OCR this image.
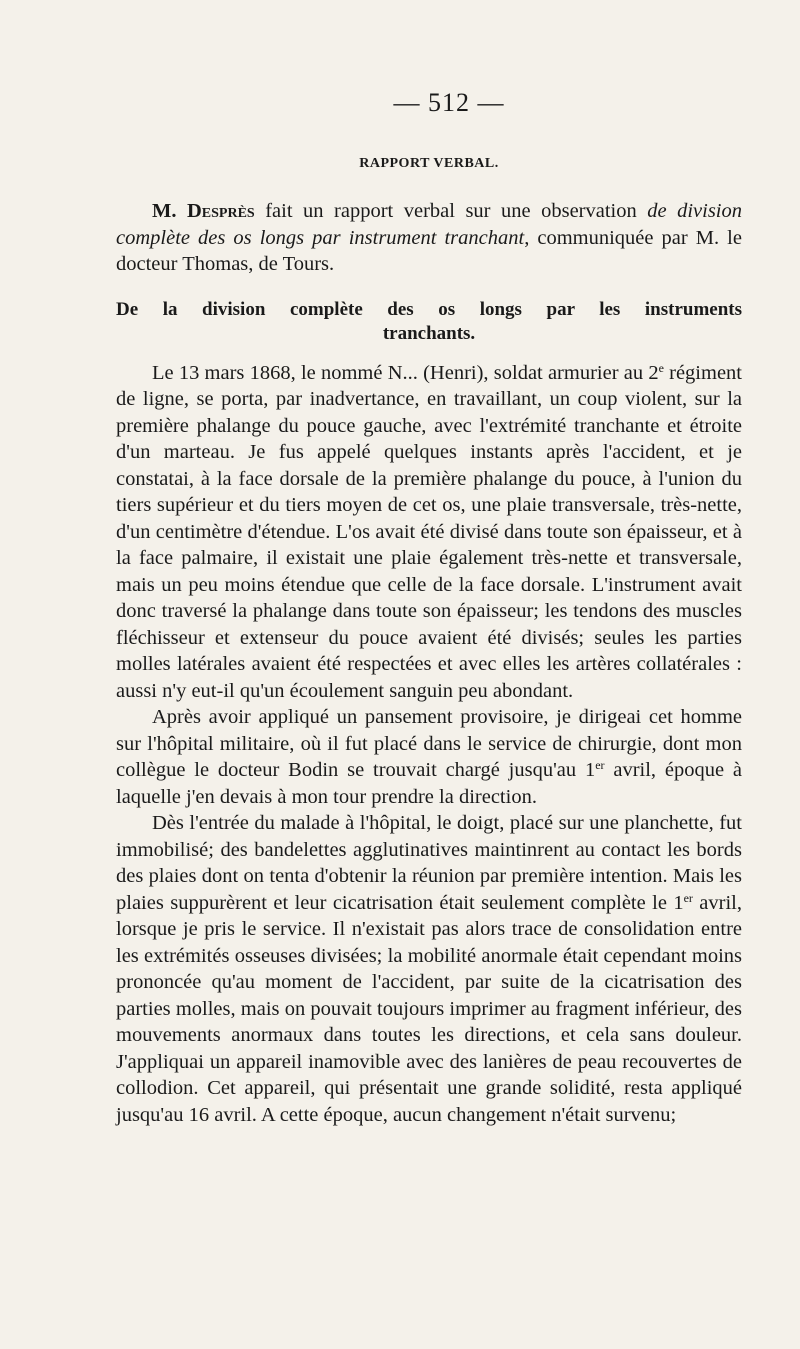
— 512 —
RAPPORT VERBAL.

M. Desprès fait un rapport verbal sur une observation de division complète des os longs par instrument tranchant, communiquée par M. le docteur Thomas, de Tours.

De la division complète des os longs par les instruments
tranchants.

Le 13 mars 1868, le nommé N... (Henri), soldat armurier au 2e régiment de ligne, se porta, par inadvertance, en travaillant, un coup violent, sur la première phalange du pouce gauche, avec l'extrémité tranchante et étroite d'un marteau. Je fus appelé quelques instants après l'accident, et je constatai, à la face dorsale de la première phalange du pouce, à l'union du tiers supérieur et du tiers moyen de cet os, une plaie transversale, très-nette, d'un centimètre d'étendue. L'os avait été divisé dans toute son épaisseur, et à la face palmaire, il existait une plaie également très-nette et transversale, mais un peu moins étendue que celle de la face dorsale. L'instrument avait donc traversé la phalange dans toute son épaisseur; les tendons des muscles fléchisseur et extenseur du pouce avaient été divisés; seules les parties molles latérales avaient été respectées et avec elles les artères collatérales : aussi n'y eut-il qu'un écoulement sanguin peu abondant.

Après avoir appliqué un pansement provisoire, je dirigeai cet homme sur l'hôpital militaire, où il fut placé dans le service de chirurgie, dont mon collègue le docteur Bodin se trouvait chargé jusqu'au 1er avril, époque à laquelle j'en devais à mon tour prendre la direction.

Dès l'entrée du malade à l'hôpital, le doigt, placé sur une planchette, fut immobilisé; des bandelettes agglutinatives maintinrent au contact les bords des plaies dont on tenta d'obtenir la réunion par première intention. Mais les plaies suppurèrent et leur cicatrisation était seulement complète le 1er avril, lorsque je pris le service. Il n'existait pas alors trace de consolidation entre les extrémités osseuses divisées; la mobilité anormale était cependant moins prononcée qu'au moment de l'accident, par suite de la cicatrisation des parties molles, mais on pouvait toujours imprimer au fragment inférieur, des mouvements anormaux dans toutes les directions, et cela sans douleur. J'appliquai un appareil inamovible avec des lanières de peau recouvertes de collodion. Cet appareil, qui présentait une grande solidité, resta appliqué jusqu'au 16 avril. A cette époque, aucun changement n'était survenu;
